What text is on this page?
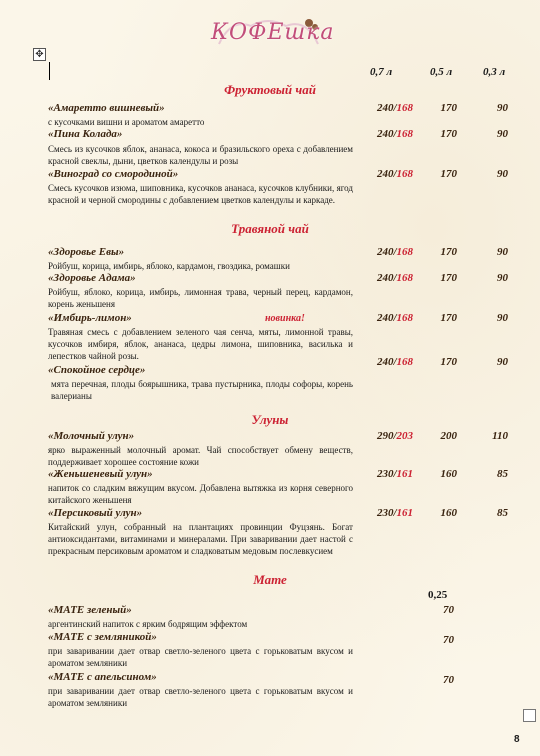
КОФЕшка
✥
0,7 л	0,5 л	0,3 л
Фруктовый чай
«Амаретто вишневый»
с кусочками вишни и ароматом амаретто
240/168	170	90
«Пина Колада»
Смесь из кусочков яблок, ананаса, кокоса и бразильского ореха с добавлением красной свеклы, дыни, цветков календулы и розы
240/168	170	90
«Виноград со смородиной»
Смесь кусочков изюма, шиповника, кусочков ананаса, кусочков клубники, ягод красной и черной смородины с добавлением цветков календулы и каркаде.
240/168	170	90
Травяной чай
«Здоровье Евы»
Ройбуш, корица, имбирь, яблоко, кардамон, гвоздика, ромашки
240/168	170	90
«Здоровье Адама»
Ройбуш, яблоко, корица, имбирь, лимонная трава, черный перец, кардамон, корень женьшеня
240/168	170	90
«Имбирь-лимон»	новинка!
Травяная смесь с добавлением зеленого чая сенча, мяты, лимонной травы, кусочков имбиря, яблок, ананаса, цедры лимона, шиповника, василька и лепестков чайной розы.
240/168	170	90
«Спокойное сердце»
мята перечная, плоды боярышника, трава пустырника, плоды софоры, корень валерианы
240/168	170	90
Улуны
«Молочный улун»
ярко выраженный молочный аромат. Чай способствует обмену веществ, поддерживает хорошее состояние кожи
290/203	200	110
«Женьшеневый улун»
напиток со сладким вяжущим вкусом. Добавлена вытяжка из корня северного китайского женьшеня
230/161	160	85
«Персиковый улун»
Китайский улун, собранный на плантациях провинции Фуцзянь. Богат антиоксидантами, витаминами и минералами. При заваривании дает настой с прекрасным персиковым ароматом и сладковатым медовым послевкусием
230/161	160	85
Мате
0,25
«МАТЕ зеленый»
аргентинский напиток с ярким бодрящим эффектом
70
«МАТЕ с земляникой»
при заваривании дает отвар светло-зеленого цвета с горьковатым вкусом и ароматом земляники
70
«МАТЕ с апельсином»
при заваривании дает отвар светло-зеленого цвета с горьковатым вкусом и ароматом земляники
70
8
